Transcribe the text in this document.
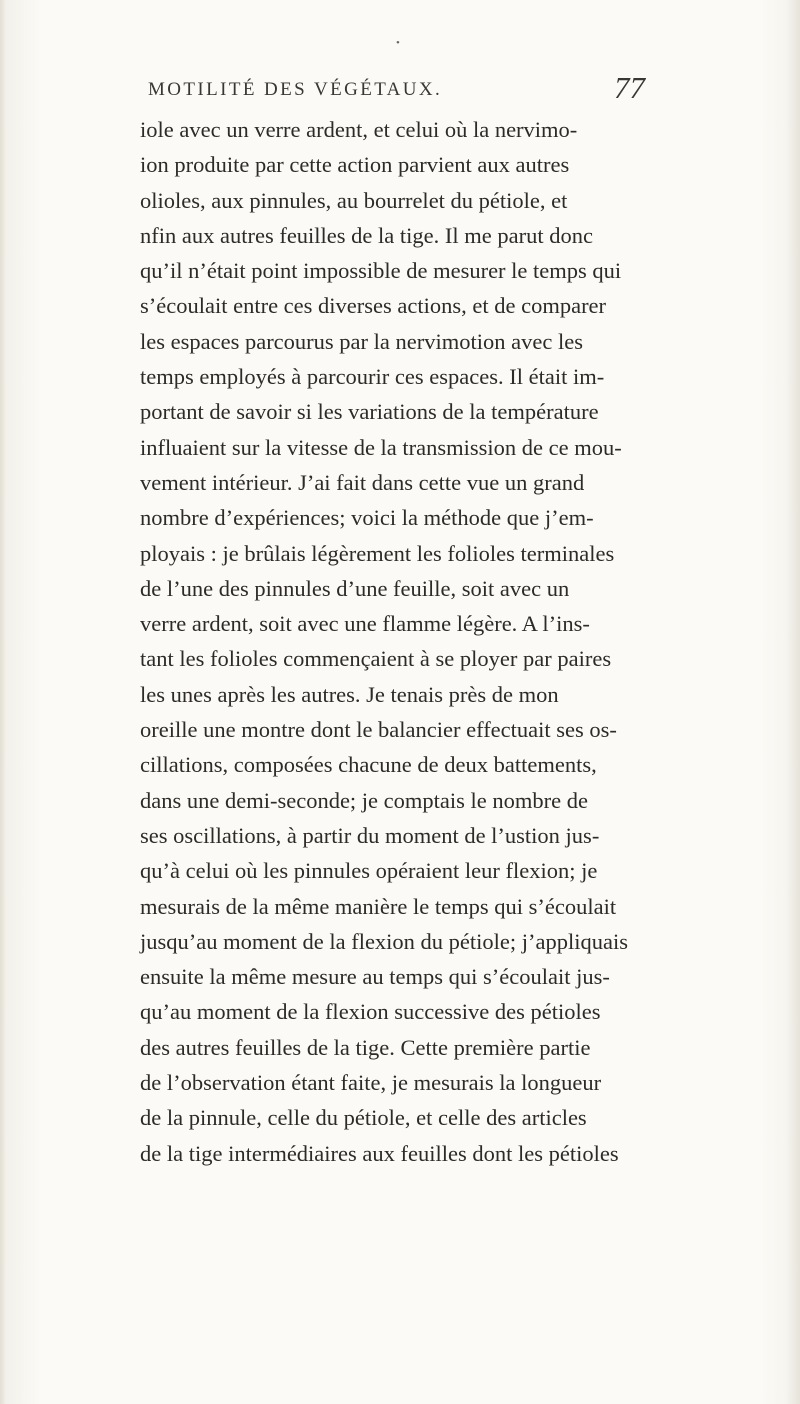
•
MOTILITÉ DES VÉGÉTAUX.	77
iole avec un verre ardent, et celui où la nervimo-
ion produite par cette action parvient aux autres
olioles, aux pinnules, au bourrelet du pétiole, et
nfin aux autres feuilles de la tige. Il me parut donc
qu’il n’était point impossible de mesurer le temps qui
s’écoulait entre ces diverses actions, et de comparer
les espaces parcourus par la nervimotion avec les
temps employés à parcourir ces espaces. Il était im-
portant de savoir si les variations de la température
influaient sur la vitesse de la transmission de ce mou-
vement intérieur. J’ai fait dans cette vue un grand
nombre d’expériences; voici la méthode que j’em-
ployais : je brûlais légèrement les folioles terminales
de l’une des pinnules d’une feuille, soit avec un
verre ardent, soit avec une flamme légère. A l’ins-
tant les folioles commençaient à se ployer par paires
les unes après les autres. Je tenais près de mon
oreille une montre dont le balancier effectuait ses os-
cillations, composées chacune de deux battements,
dans une demi-seconde; je comptais le nombre de
ses oscillations, à partir du moment de l’ustion jus-
qu’à celui où les pinnules opéraient leur flexion; je
mesurais de la même manière le temps qui s’écoulait
jusqu’au moment de la flexion du pétiole; j’appliquais
ensuite la même mesure au temps qui s’écoulait jus-
qu’au moment de la flexion successive des pétioles
des autres feuilles de la tige. Cette première partie
de l’observation étant faite, je mesurais la longueur
de la pinnule, celle du pétiole, et celle des articles
de la tige intermédiaires aux feuilles dont les pétioles
